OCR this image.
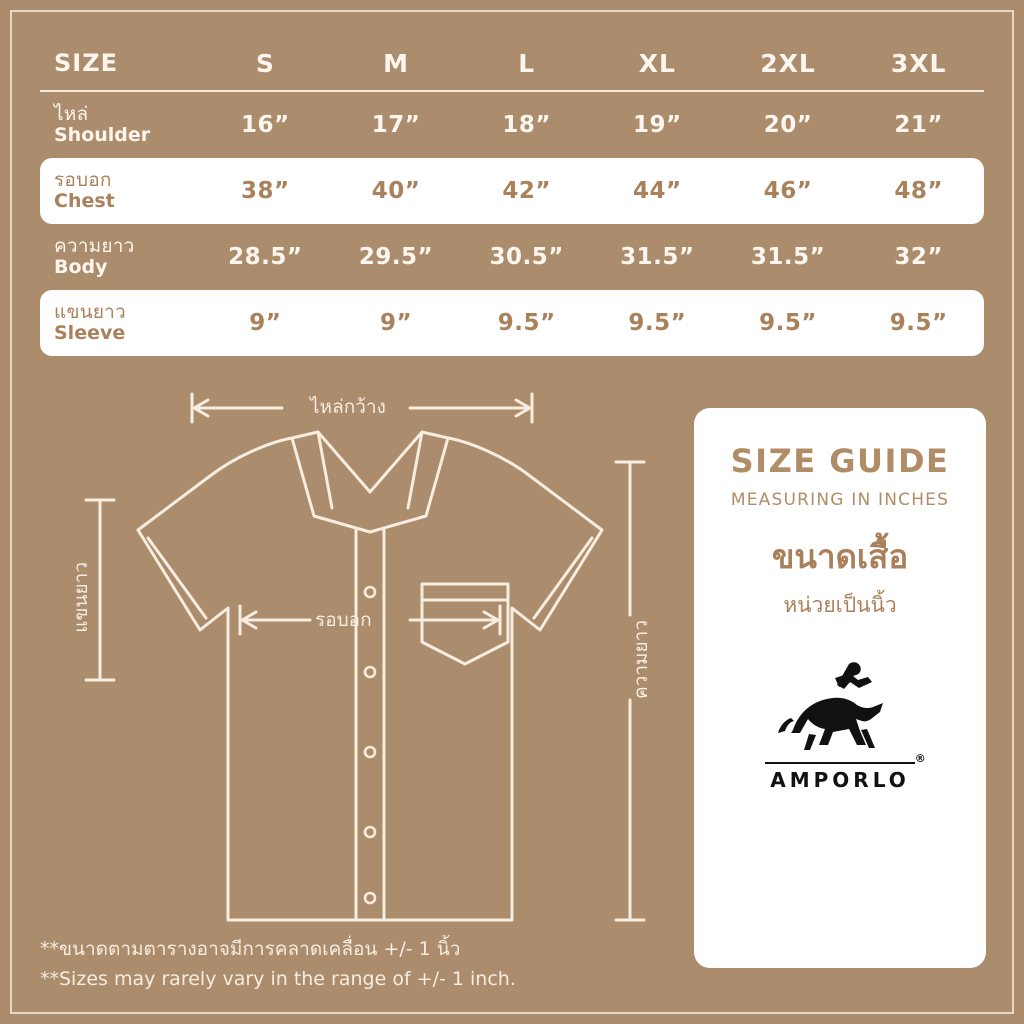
SIZE	S	M	L	XL	2XL	3XL
ไหล่
Shoulder	16”	17”	18”	19”	20”	21”
รอบอก
Chest	38”	40”	42”	44”	46”	48”
ความยาว
Body	28.5”	29.5”	30.5”	31.5”	31.5”	32”
แขนยาว
Sleeve	9”	9”	9.5”	9.5”	9.5”	9.5”
ไหล่กว้าง
รอบอก
แขนยาว
ความยาว
SIZE GUIDE
MEASURING IN INCHES
ขนาดเสื้อ
หน่วยเป็นนิ้ว
AMPORLO
®
**ขนาดตามตารางอาจมีการคลาดเคลื่อน +/- 1 นิ้ว
**Sizes may rarely vary in the range of +/- 1 inch.
